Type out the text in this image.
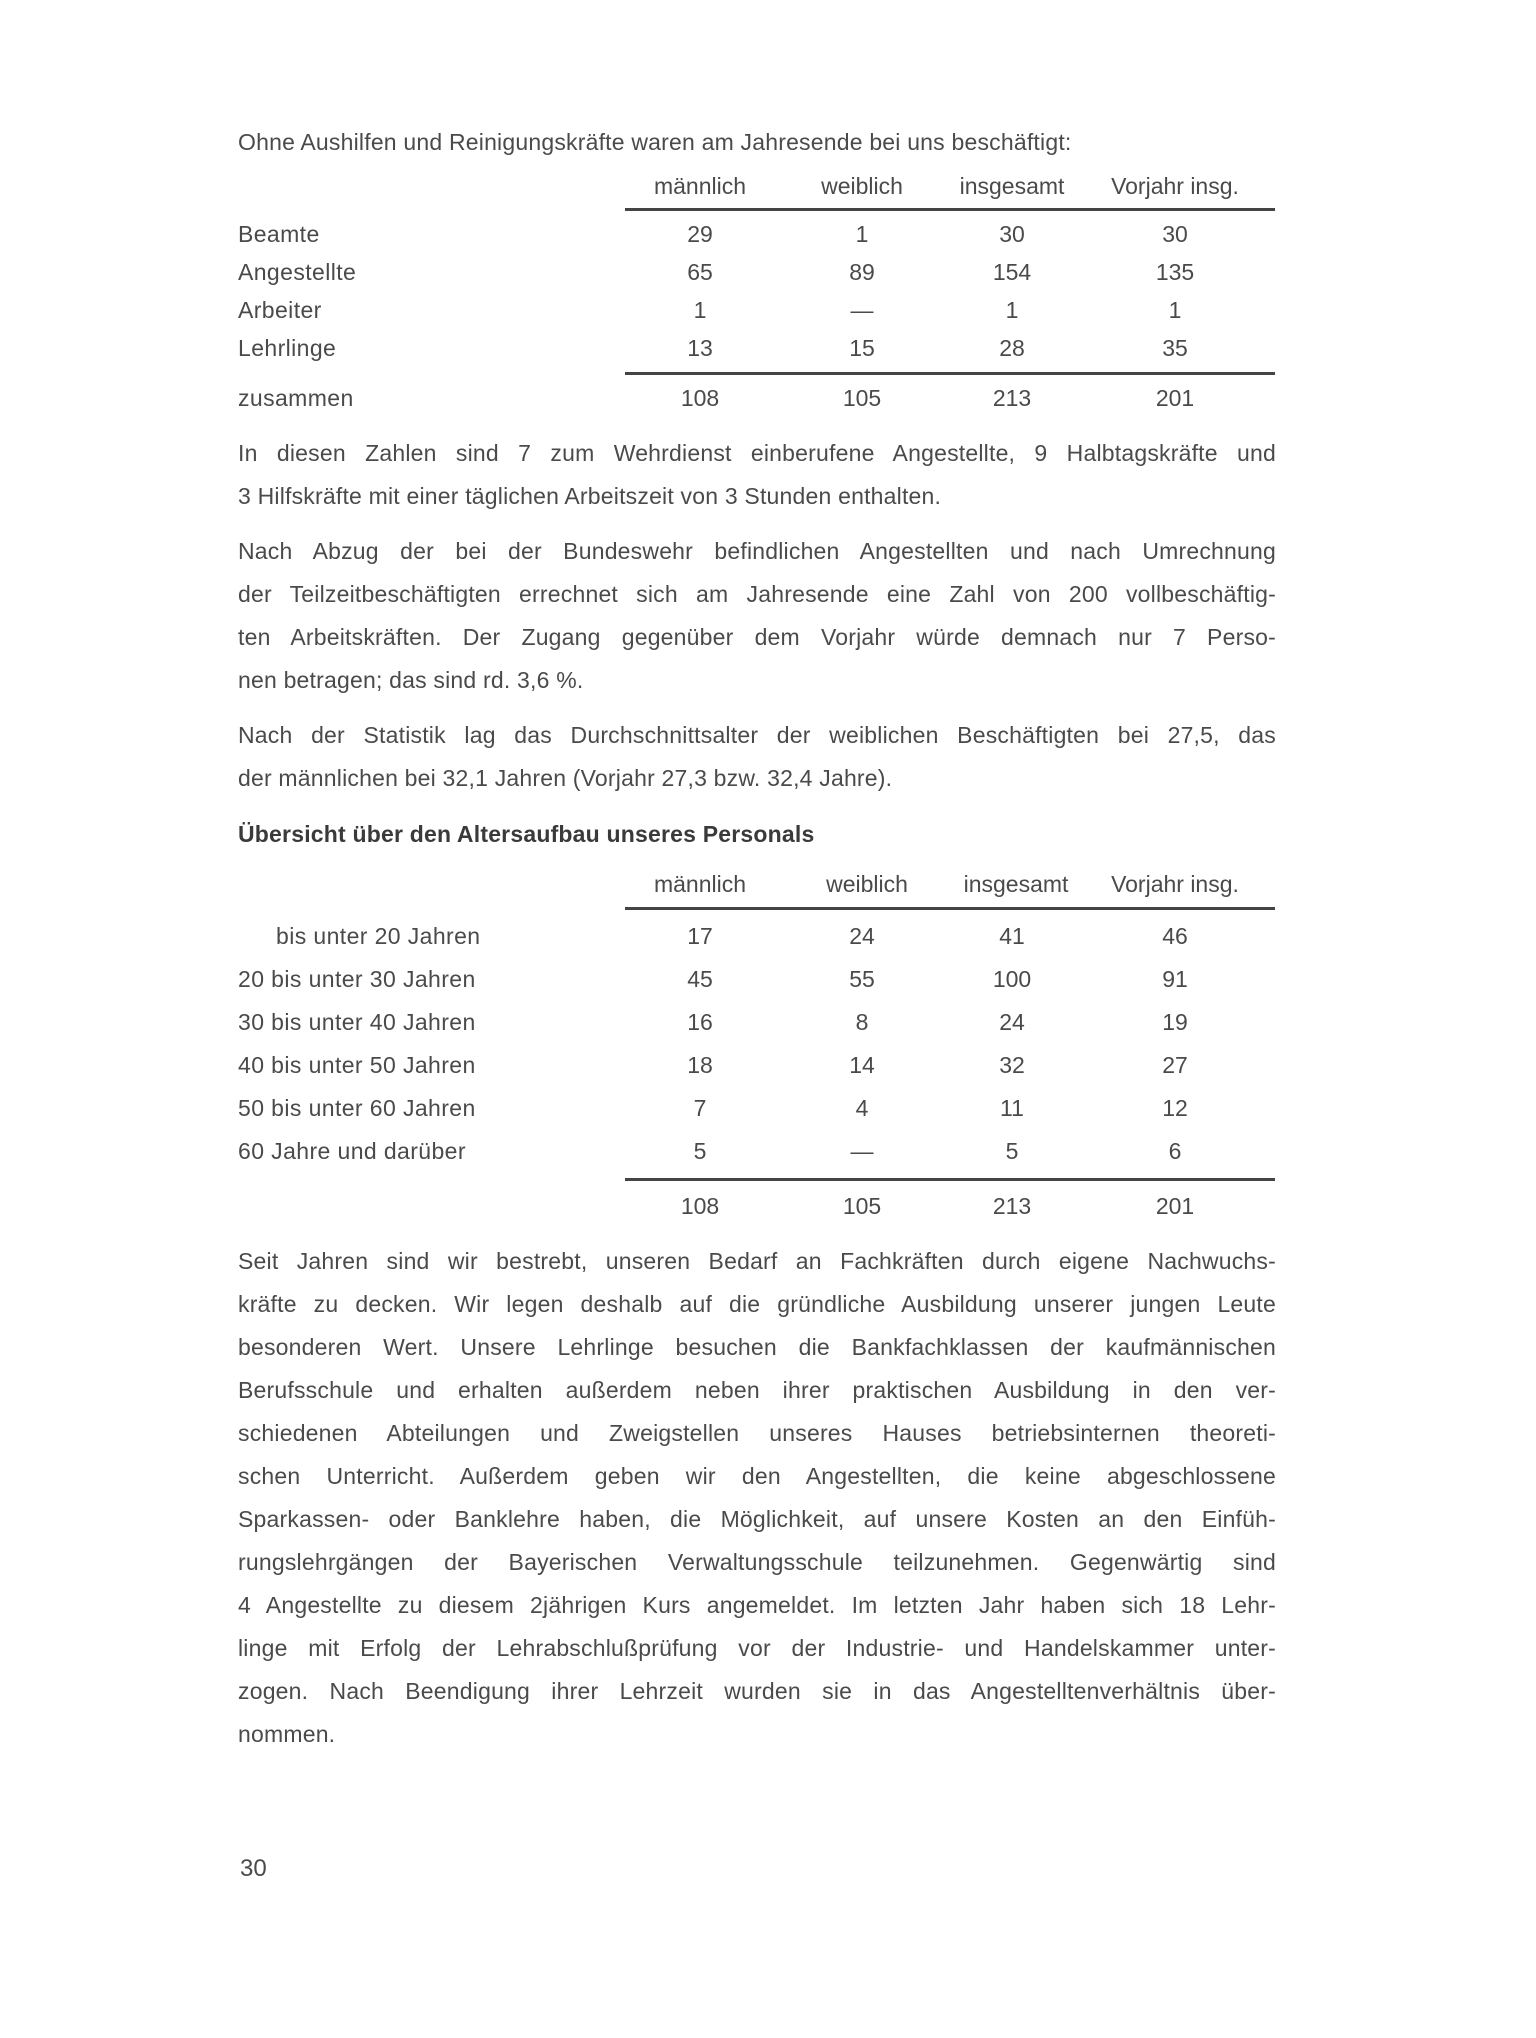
Ohne Aushilfen und Reinigungskräfte waren am Jahresende bei uns beschäftigt:
männlich	weiblich	insgesamt	Vorjahr insg.
Beamte	29	1	30	30
Angestellte	65	89	154	135
Arbeiter	1	—	1	1
Lehrlinge	13	15	28	35
zusammen	108	105	213	201
In diesen Zahlen sind 7 zum Wehrdienst einberufene Angestellte, 9 Halbtagskräfte und
3 Hilfskräfte mit einer täglichen Arbeitszeit von 3 Stunden enthalten.
Nach Abzug der bei der Bundeswehr befindlichen Angestellten und nach Umrechnung
der Teilzeitbeschäftigten errechnet sich am Jahresende eine Zahl von 200 vollbeschäftig-
ten Arbeitskräften. Der Zugang gegenüber dem Vorjahr würde demnach nur 7 Perso-
nen betragen; das sind rd. 3,6 %.
Nach der Statistik lag das Durchschnittsalter der weiblichen Beschäftigten bei 27,5, das
der männlichen bei 32,1 Jahren (Vorjahr 27,3 bzw. 32,4 Jahre).
Übersicht über den Altersaufbau unseres Personals
männlich	weiblich	insgesamt	Vorjahr insg.
bis unter 20 Jahren	17	24	41	46
20 bis unter 30 Jahren	45	55	100	91
30 bis unter 40 Jahren	16	8	24	19
40 bis unter 50 Jahren	18	14	32	27
50 bis unter 60 Jahren	7	4	11	12
60 Jahre und darüber	5	—	5	6
108	105	213	201
Seit Jahren sind wir bestrebt, unseren Bedarf an Fachkräften durch eigene Nachwuchs-
kräfte zu decken. Wir legen deshalb auf die gründliche Ausbildung unserer jungen Leute
besonderen Wert. Unsere Lehrlinge besuchen die Bankfachklassen der kaufmännischen
Berufsschule und erhalten außerdem neben ihrer praktischen Ausbildung in den ver-
schiedenen Abteilungen und Zweigstellen unseres Hauses betriebsinternen theoreti-
schen Unterricht. Außerdem geben wir den Angestellten, die keine abgeschlossene
Sparkassen- oder Banklehre haben, die Möglichkeit, auf unsere Kosten an den Einfüh-
rungslehrgängen der Bayerischen Verwaltungsschule teilzunehmen. Gegenwärtig sind
4 Angestellte zu diesem 2jährigen Kurs angemeldet. Im letzten Jahr haben sich 18 Lehr-
linge mit Erfolg der Lehrabschlußprüfung vor der Industrie- und Handelskammer unter-
zogen. Nach Beendigung ihrer Lehrzeit wurden sie in das Angestelltenverhältnis über-
nommen.
30
